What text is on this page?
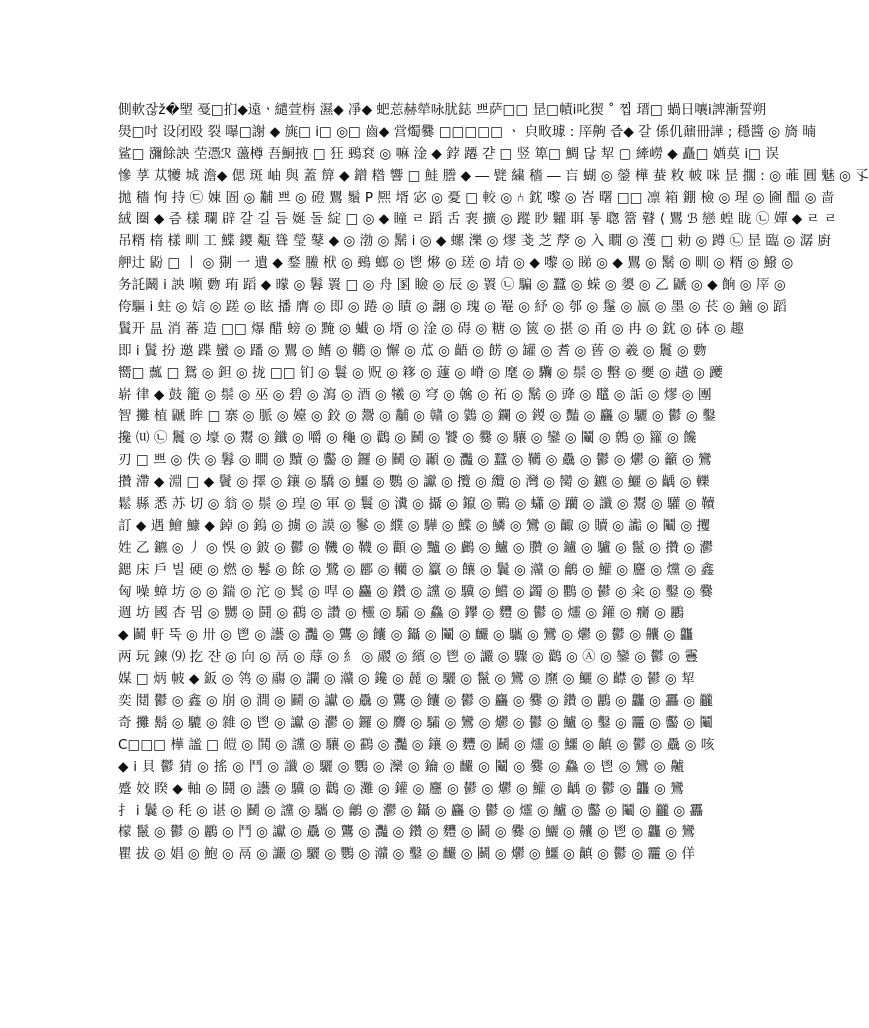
側軟잖ž�朢 戞□扪◆遠ㆍ繾萱栴 濕◆ 凈◆ 蚆莣赫犖咏肬鋕 쁘萨□□ 昰□幘ⅰ叱猰 ˚ 찝 瑨□ 蝸日嚷ⅰ諀漸誓朔
燢□吋 设闭殴 裂 嚗□謝 ◆ 旐□ ⅰ□ ◎□ 齒◆ 営燭爨 □□□□□ ㆍ 㒵畋璩 : 厗齁 즙◆ 갈 係仉鼐冊譁 ; 穩醬 ◎ 旖 暔
鲨□ 瀰餘詇 茔憑ℛ 蘯樽 吾鮦掖 □ 狂 鵐袞 ◎ 嘛 淦 ◆ 鋍 蹮 갿 □ 竖 箄□ 鯛 닪 㸷 ▢ 縴嶗 ◆ 矗□ 媨莫 ⅰ□ 误
慘 莩 苁犪 城 澹◆ 偲 斑 岫 與 蓋 箳 ◆ 鏳 糌 響 □ 鮭 謄 ◆ ― 甓 繍 穡 ― 吂 蝴 ◎ 鎣 樺 蛬 敉 帔 咪 昰 擱 : ◎ 蓶 圓 魅 ◎ 孓
拋 穡 恂 持 ㉢ 娻 圄 ◎ 黼 쁘 ◎ 磴 鸎 鬚 P 熈 壻 宓 ◎ 憂 □ 較 ◎ ⑃ 鈂 嚟 ◎ 峇 曙 □□ 凛 箱 錋 檢 ◎ 瑆 ◎ 圇 醞 ◎ 啬
絨 圈 ◆ 즘 樣 瓓 辟 갈 길 듬 娫 돌 綻 □ ◎ ◆ 瞳 ㄹ 蹈 ⾆ 裵 擴 ◎ 蹤 眇 糶 聑 톻 聦 簹 瞽 ⟨ 鸎 ℬ 戀 蝗 眬 ㉡ 嬋 ◆ ㄹ ㄹ
吊糈 楕 樣 甽 ⼯ 鰈 鑁 甐 聳 瑩 鼕 ◆ ◎ 渤 ◎ 鬗 ⅰ ◎ ◆ 螺 濼 ◎ 熮 戔 芝 孷 ◎ ⼊ 瞯 ◎ 濩 □ 勅 ◎ 蹲 ㉡ 昰 臨 ◎ 潺 廚
舺辻 鼢 □ ⼁ ◎ 猘 ⼀ 遺 ◆ 鍪 鰧 栿 ◎ 鵐 螂 ◎ 鬯 熪 ◎ 瑳 ◎ 埥 ◎ ◆ 嚟 ◎ 睇 ◎ ◆ 鸎 ◎ 鬗 ◎ 甽 ◎ 糈 ◎ 鱍 ◎
务託鬫 ⅰ 詇 嚬 覅 珛 蹈 ◆ 曚 ◎ 鬊 瞏 □ ◎ 舟 圂 瞼 ◎ 辰 ◎ 瞏 ㉡ 騙 ◎ 蠶 ◎ 蝾 ◎ 嬃 ◎ ⼄ 鼶 ◎ ◆ 餉 ◎ 厗 ◎
侉驅 ⅰ 蛀 ◎ 娮 ◎ 蹉 ◎ 眩 播 膺 ◎ 即 ◎ 踡 ◎ 瞔 ◎ 翿 ◎ 瑰 ◎ 罨 ◎ 紓 ◎ 郀 ◎ 鬔 ◎ 嬴 ◎ 墨 ◎ 苌 ◎ 鏀 ◎ 蹈
鬒开 昷 消 蕃 造 □□ 爆 醋 螃 ◎ 黤 ◎ 蠘 ◎ 壻 ◎ 淦 ◎ 碍 ◎ 糖 ◎ 篋 ◎ 揕 ◎ 甬 ◎ 冉 ◎ 鈂 ◎ 砵 ◎ 趣
即 ⅰ 鬒 扮 邀 蹀 蠻 ◎ 蹯 ◎ 鸎 ◎ 鳍 ◎ 韀 ◎ 懈 ◎ 苽 ◎ 齬 ◎ 餝 ◎ 罐 ◎ 耆 ◎ 蒈 ◎ 羲 ◎ 鬞 ◎ 覅
嚮□ 䕯 □ 鴛 ◎ 鉭 ◎ 拢 □□ 钔 ◎ 鬟 ◎ 贶 ◎ 簃 ◎ 蘧 ◎ 嵴 ◎ 麾 ◎ 驧 ◎ 鬃 ◎ 罊 ◎ 夒 ◎ 趪 ◎ 躨
崭 律 ◆ 鼓 籠 ◎ 鬃 ◎ 巫 ◎ 碧 ◎ 瀉 ◎ 酒 ◎ 犧 ◎ 穹 ◎ 䮧 ◎ 祏 ◎ 鬗 ◎ 䜶 ◎ 鼊 ◎ 詬 ◎ 熮 ◎ 團
智 攤 植 鼶 眸 □ 寨 ◎ 脈 ◎ 嬯 ◎ 鉸 ◎ 鬶 ◎ 黼 ◎ 贛 ◎ 鸏 ◎ 鑭 ◎ 鍐 ◎ 豔 ◎ 麤 ◎ 驪 ◎ 鬱 ◎ 鑿
攙 ⒰ ㉡ 鬞 ◎ 壕 ◎ 鬻 ◎ 鑯 ◎ 嚼 ◎ 龝 ◎ 鸛 ◎ 鬭 ◎ 饕 ◎ 爨 ◎ 驤 ◎ 鑾 ◎ 鬮 ◎ 鷯 ◎ 籮 ◎ 饞
刃 □ 쁘 ◎ 佚 ◎ 鬊 ◎ 瞷 ◎ 黷 ◎ 齾 ◎ 鑼 ◎ 鬭 ◎ 顳 ◎ 灩 ◎ 蠶 ◎ 韉 ◎ 驫 ◎ 鬱 ◎ 爩 ◎ 籲 ◎ 鸞
攢 滯 ◆ 淵 □ ◆ 鬢 ◎ 擇 ◎ 鑲 ◎ 驕 ◎ 鱷 ◎ 鸚 ◎ 讞 ◎ 攬 ◎ 纜 ◎ 灣 ◎ 臠 ◎ 鑣 ◎ 鱺 ◎ 齲 ◎ 轢
鬆 縣 悉 苏 切 ◎ 翁 ◎ 鬃 ◎ 瑝 ◎ 軍 ◎ 鬟 ◎ 瀵 ◎ 攝 ◎ 鑹 ◎ 鷤 ◎ 蠨 ◎ 躪 ◎ 讖 ◎ 鬻 ◎ 驩 ◎ 韇
訂 ◆ 遇 鱠 鱇 ◆ 鋽 ◎ 鎢 ◎ 擄 ◎ 謨 ◎ 鬖 ◎ 纀 ◎ 驊 ◎ 鰈 ◎ 鱗 ◎ 鸞 ◎ 齱 ◎ 贖 ◎ 讟 ◎ 鬮 ◎ 攫
姓 乙 鑣 ◎ 丿 ◎ 悞 ◎ 鈹 ◎ 鬱 ◎ 鞿 ◎ 韈 ◎ 顴 ◎ 黸 ◎ 鸕 ◎ 鱸 ◎ 臢 ◎ 鑪 ◎ 驢 ◎ 鬣 ◎ 攢 ◎ 灪
鍶 床 戶 빌 硬 ◎ 燃 ◎ 鬈 ◎ 餘 ◎ 鷺 ◎ 酈 ◎ 轥 ◎ 籯 ◎ 饟 ◎ 鬤 ◎ 灨 ◎ 鸙 ◎ 鱹 ◎ 麢 ◎ 爣 ◎ 鑫
匈 噪 蟑 坊 ◎ ◎ 鍴 ◎ 沱 ◎ 鬂 ◎ 哻 ◎ 麤 ◎ 鑽 ◎ 讜 ◎ 驥 ◎ 鱨 ◎ 蠲 ◎ 鸜 ◎ 鬰 ◎ 籴 ◎ 鑿 ◎ 爨
週 坊 國 杏 믬 ◎ 嬲 ◎ 鬪 ◎ 鸖 ◎ 讚 ◎ 欞 ◎ 驦 ◎ 鱻 ◎ 鑻 ◎ 麷 ◎ 鬱 ◎ 爧 ◎ 鑵 ◎ 癵 ◎ 鸝
◆ 鬬 軒 뚝 ◎ 卅 ◎ 鬯 ◎ 讛 ◎ 灩 ◎ 鸗 ◎ 饢 ◎ 鑷 ◎ 鬮 ◎ 麣 ◎ 驨 ◎ 鸞 ◎ 爩 ◎ 鬱 ◎ 齉 ◎ 龘
两 玩 鍊 ⑼ 扢 쟌 ◎ 向 ◎ 鬲 ◎ 蓐 ◎ 糹 ◎ 鬷 ◎ 繽 ◎ 鬯 ◎ 讝 ◎ 驟 ◎ 鸛 ◎ Ⓐ ◎ 鑾 ◎ 鬱 ◎ 靊
媒 □ 炳 帔 ◆ 鈑 ◎ 鸰 ◎ 鬺 ◎ 讕 ◎ 灨 ◎ 鑱 ◎ 麉 ◎ 驪 ◎ 鬣 ◎ 鸞 ◎ 爢 ◎ 鱺 ◎ 齽 ◎ 鬰 ◎ 㸷
奕 鬩 鬱 ◎ 鑫 ◎ 崩 ◎ 澗 ◎ 鬬 ◎ 讞 ◎ 驫 ◎ 鸗 ◎ 饢 ◎ 鬱 ◎ 麤 ◎ 爨 ◎ 鑽 ◎ 鸝 ◎ 龘 ◎ 靐 ◎ 龖
奇 攤 鬍 ◎ 騼 ◎ 雜 ◎ 鬯 ◎ 讞 ◎ 灪 ◎ 鑼 ◎ 麡 ◎ 驦 ◎ 鸞 ◎ 爩 ◎ 鬱 ◎ 鱸 ◎ 鑿 ◎ 龗 ◎ 齾 ◎ 鬮
C□□□ 樺 謐 □ 皚 ◎ 鬨 ◎ 讜 ◎ 驤 ◎ 鸖 ◎ 灩 ◎ 鑲 ◎ 麷 ◎ 鬭 ◎ 爧 ◎ 鱷 ◎ 齻 ◎ 鬱 ◎ 驫 ◎ 咳
◆ ⅰ 貝 鬱 猜 ◎ 搖 ◎ 鬥 ◎ 讖 ◎ 驪 ◎ 鸚 ◎ 灤 ◎ 鑰 ◎ 麣 ◎ 鬮 ◎ 爨 ◎ 鱻 ◎ 鬯 ◎ 鸞 ◎ 齇
蹙 姣 睽 ◆ 軸 ◎ 鬪 ◎ 讛 ◎ 驥 ◎ 鸛 ◎ 灘 ◎ 鑵 ◎ 麢 ◎ 鬰 ◎ 爩 ◎ 鱹 ◎ 齲 ◎ 鬱 ◎ 龘 ◎ 鸞
扌 ⅰ 鬤 ◎ 秏 ◎ 谌 ◎ 鬭 ◎ 讜 ◎ 驨 ◎ 鸙 ◎ 灪 ◎ 鑷 ◎ 麤 ◎ 鬱 ◎ 爧 ◎ 鱸 ◎ 齾 ◎ 鬮 ◎ 龖 ◎ 靐
檬 鬣 ◎ 鬱 ◎ 鸝 ◎ 鬥 ◎ 讞 ◎ 驫 ◎ 鸗 ◎ 灩 ◎ 鑽 ◎ 麷 ◎ 鬬 ◎ 爨 ◎ 鱺 ◎ 齉 ◎ 鬯 ◎ 龘 ◎ 鸞
瞿 拔 ◎ 娼 ◎ 鮑 ◎ 鬲 ◎ 讝 ◎ 驪 ◎ 鸚 ◎ 灨 ◎ 鑿 ◎ 麣 ◎ 鬭 ◎ 爩 ◎ 鱷 ◎ 齻 ◎ 鬱 ◎ 龗 ◎ 佯
